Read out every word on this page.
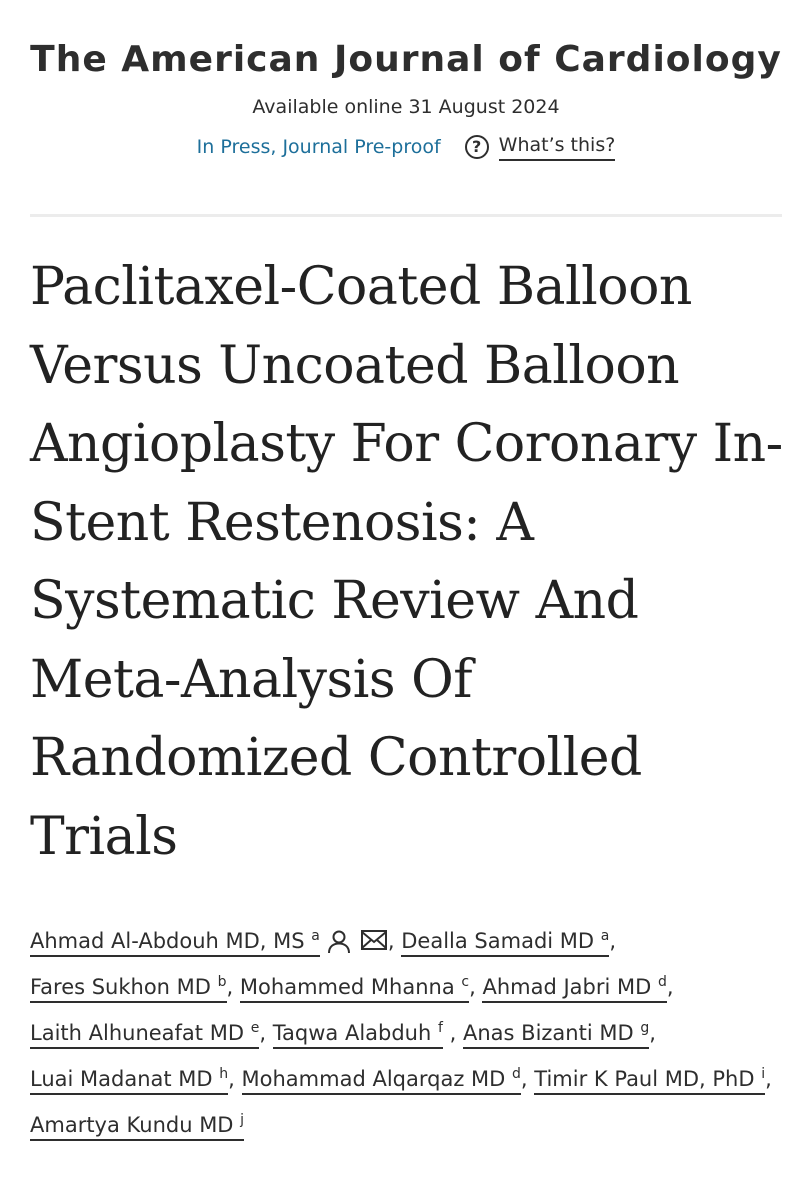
The American Journal of Cardiology
Available online 31 August 2024
In Press, Journal Pre-proof	? What’s this?
Paclitaxel-Coated Balloon Versus Uncoated Balloon Angioplasty For Coronary In-Stent Restenosis: A Systematic Review And Meta-Analysis Of Randomized Controlled Trials
Ahmad Al-Abdouh MD, MS $^a$	, Dealla Samadi MD $^a$, Fares Sukhon MD $^b$, Mohammed Mhanna $^c$, Ahmad Jabri MD $^d$, Laith Alhuneafat MD $^e$, Taqwa Alabduh $^f$ , Anas Bizanti MD $^g$, Luai Madanat MD $^h$, Mohammad Alqarqaz MD $^d$, Timir K Paul MD, PhD $^i$, Amartya Kundu MD $^j$
